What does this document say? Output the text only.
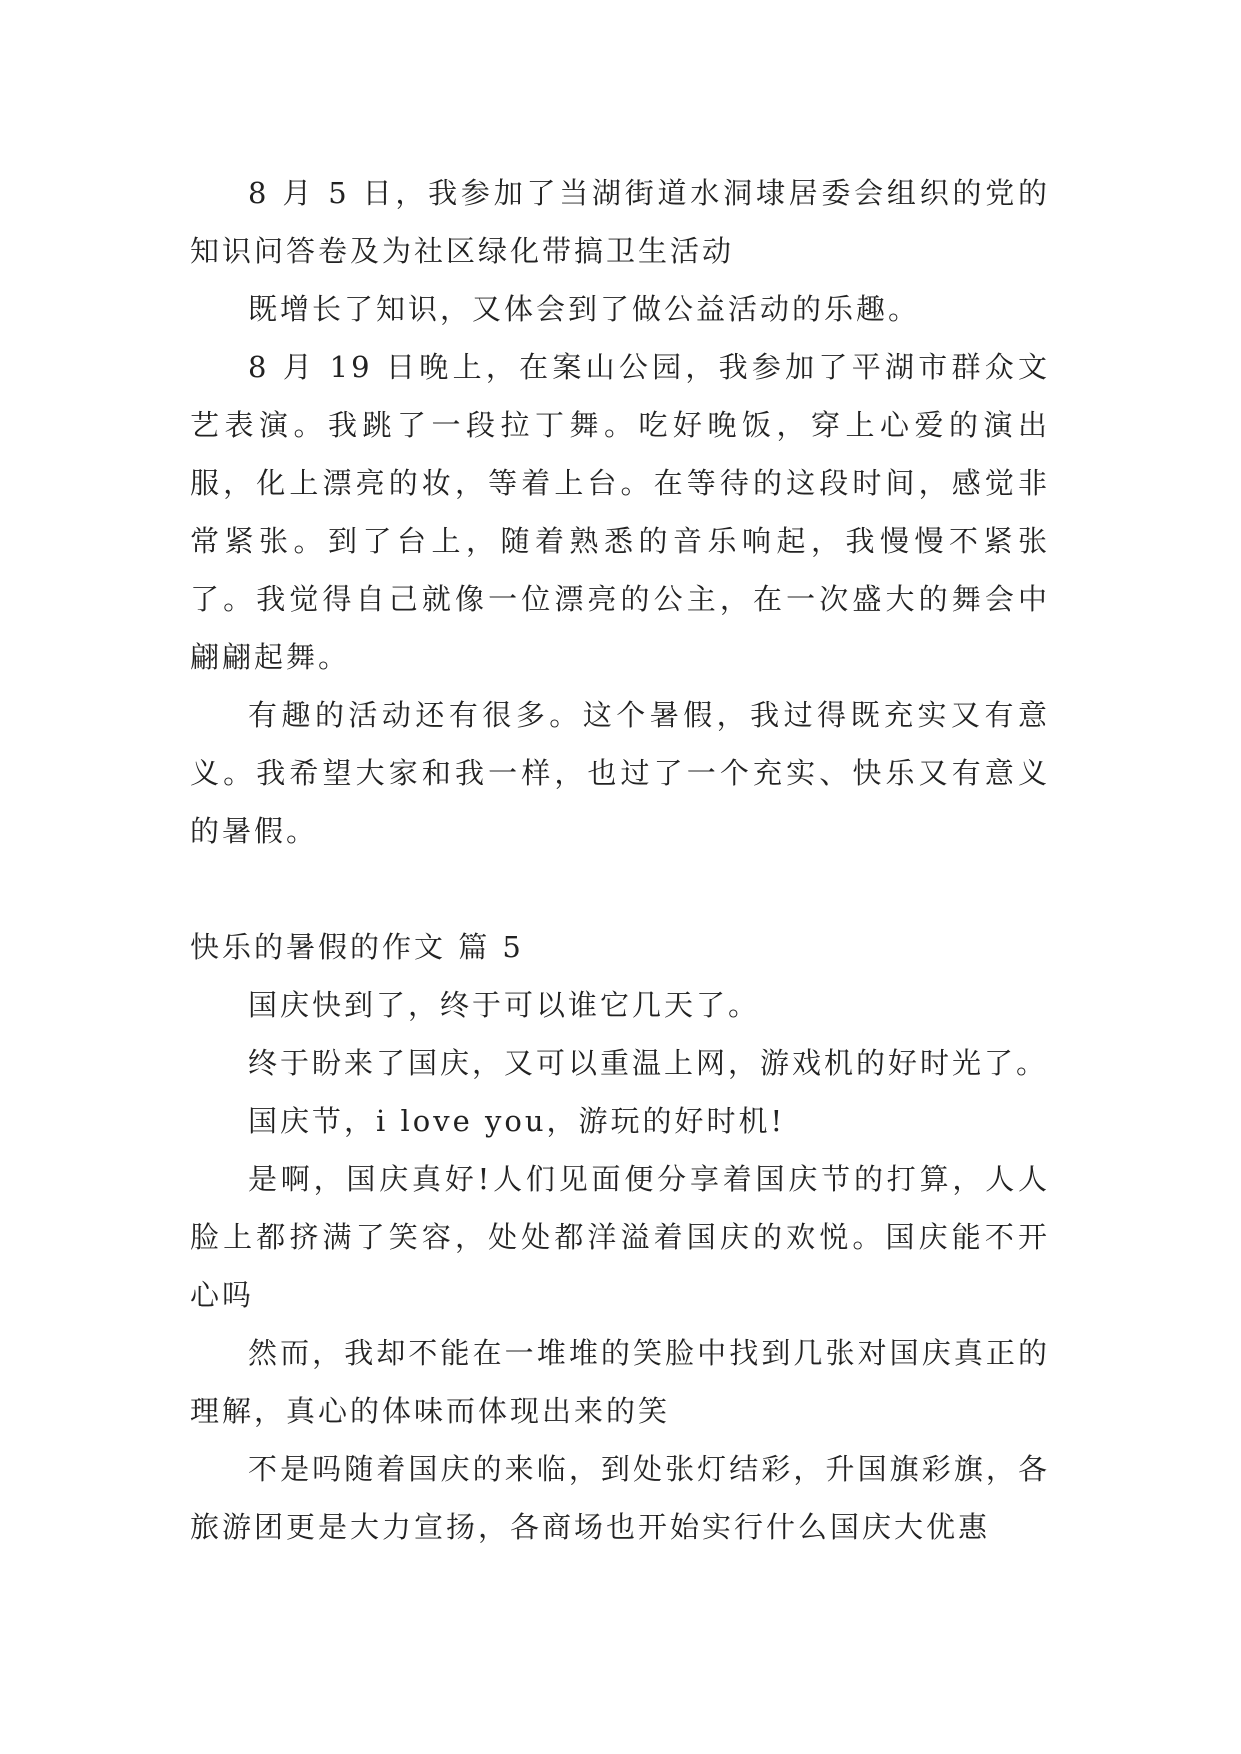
8 月 5 日，我参加了当湖街道水洞埭居委会组织的党的知识问答卷及为社区绿化带搞卫生活动

既增长了知识，又体会到了做公益活动的乐趣。

8 月 19 日晚上，在案山公园，我参加了平湖市群众文艺表演。我跳了一段拉丁舞。吃好晚饭，穿上心爱的演出服，化上漂亮的妆，等着上台。在等待的这段时间，感觉非常紧张。到了台上，随着熟悉的音乐响起，我慢慢不紧张了。我觉得自己就像一位漂亮的公主，在一次盛大的舞会中翩翩起舞。

有趣的活动还有很多。这个暑假，我过得既充实又有意义。我希望大家和我一样，也过了一个充实、快乐又有意义的暑假。

快乐的暑假的作文 篇 5

国庆快到了，终于可以谁它几天了。

终于盼来了国庆，又可以重温上网，游戏机的好时光了。

国庆节，i love you，游玩的好时机!

是啊，国庆真好!人们见面便分享着国庆节的打算，人人脸上都挤满了笑容，处处都洋溢着国庆的欢悦。国庆能不开心吗

然而，我却不能在一堆堆的笑脸中找到几张对国庆真正的理解，真心的体味而体现出来的笑

不是吗随着国庆的来临，到处张灯结彩，升国旗彩旗，各旅游团更是大力宣扬，各商场也开始实行什么国庆大优惠
